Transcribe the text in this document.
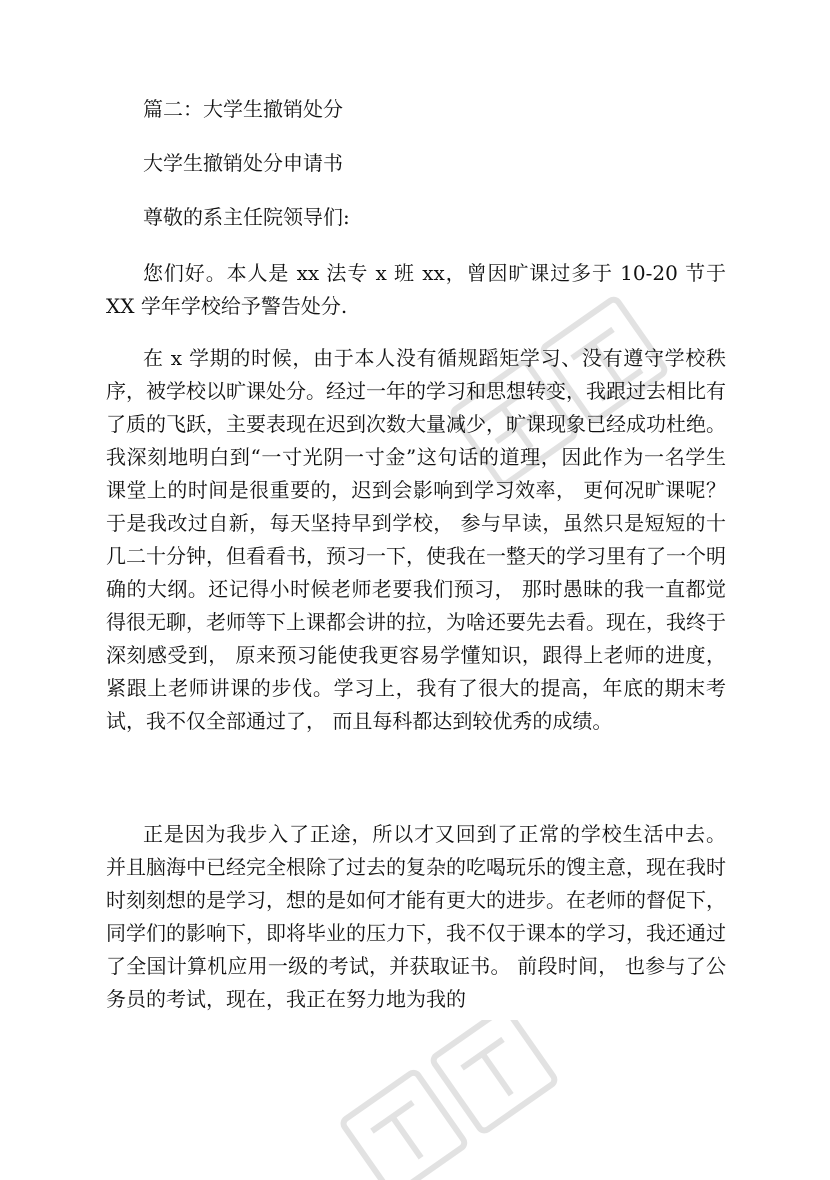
篇二：大学生撤销处分
大学生撤销处分申请书
尊敬的系主任院领导们:
您们好。本人是 xx 法专 x 班 xx，曾因旷课过多于 10-20 节于 XX 学年学校给予警告处分.
在 x 学期的时候，由于本人没有循规蹈矩学习、没有遵守学校秩序，被学校以旷课处分。经过一年的学习和思想转变，我跟过去相比有了质的飞跃，主要表现在迟到次数大量减少，旷课现象已经成功杜绝。我深刻地明白到“一寸光阴一寸金”这句话的道理，因此作为一名学生课堂上的时间是很重要的，迟到会影响到学习效率， 更何况旷课呢？ 于是我改过自新，每天坚持早到学校， 参与早读，虽然只是短短的十几二十分钟，但看看书，预习一下，使我在一整天的学习里有了一个明确的大纲。还记得小时候老师老要我们预习， 那时愚昧的我一直都觉得很无聊，老师等下上课都会讲的拉，为啥还要先去看。现在，我终于深刻感受到， 原来预习能使我更容易学懂知识，跟得上老师的进度，紧跟上老师讲课的步伐。学习上，我有了很大的提高，年底的期末考试，我不仅全部通过了， 而且每科都达到较优秀的成绩。
正是因为我步入了正途，所以才又回到了正常的学校生活中去。 并且脑海中已经完全根除了过去的复杂的吃喝玩乐的馊主意，现在我时时刻刻想的是学习，想的是如何才能有更大的进步。在老师的督促下，同学们的影响下，即将毕业的压力下，我不仅于课本的学习，我还通过了全国计算机应用一级的考试，并获取证书。 前段时间， 也参与了公务员的考试，现在，我正在努力地为我的
